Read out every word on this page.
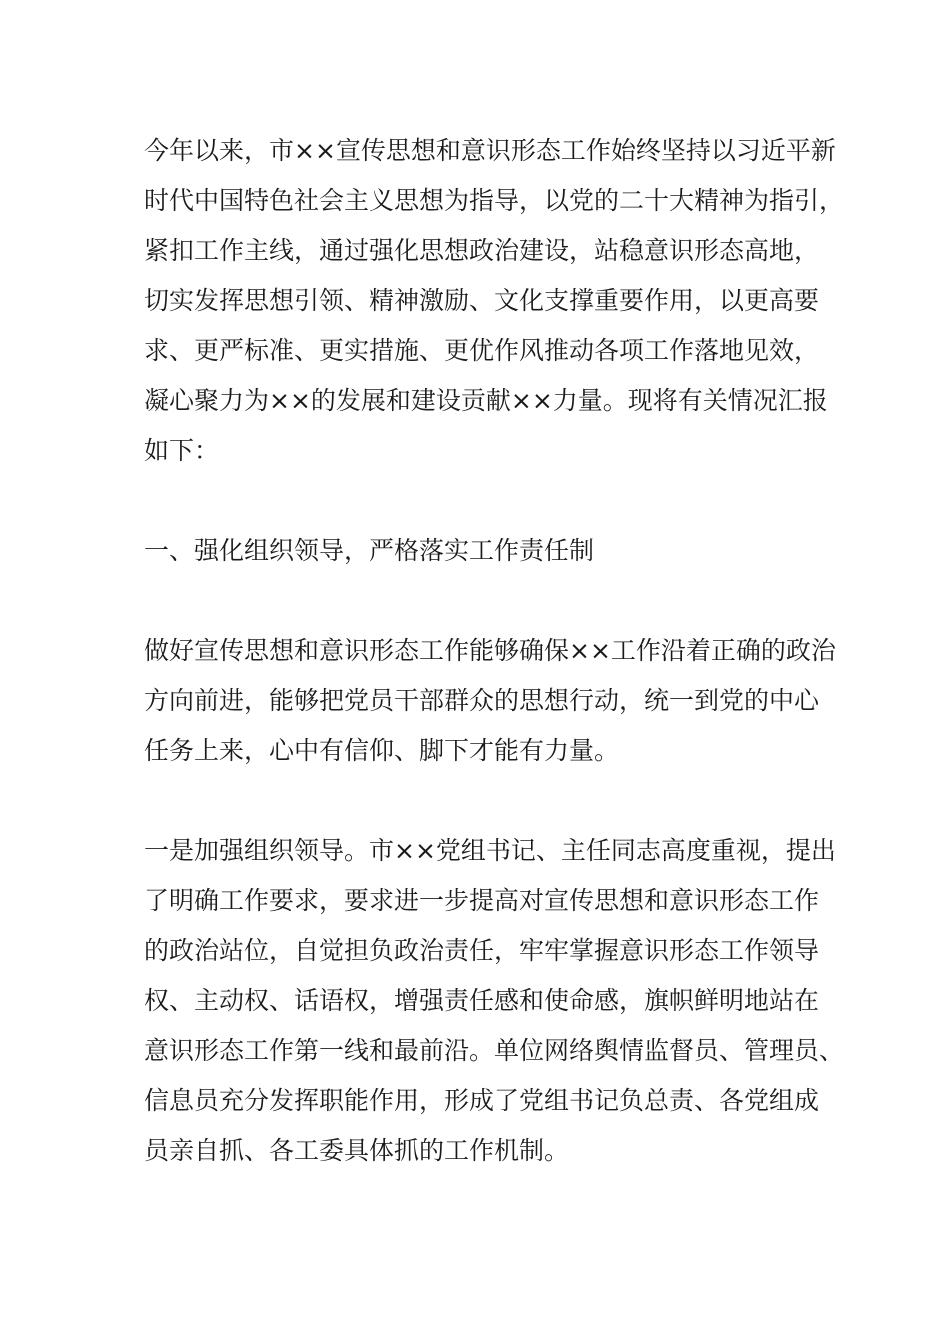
今年以来，市××宣传思想和意识形态工作始终坚持以习近平新
时代中国特色社会主义思想为指导，以党的二十大精神为指引，
紧扣工作主线，通过强化思想政治建设，站稳意识形态高地，
切实发挥思想引领、精神激励、文化支撑重要作用，以更高要
求、更严标准、更实措施、更优作风推动各项工作落地见效，
凝心聚力为××的发展和建设贡献××力量。现将有关情况汇报
如下：
一、强化组织领导，严格落实工作责任制
做好宣传思想和意识形态工作能够确保××工作沿着正确的政治
方向前进，能够把党员干部群众的思想行动，统一到党的中心
任务上来，心中有信仰、脚下才能有力量。
一是加强组织领导。市××党组书记、主任同志高度重视，提出
了明确工作要求，要求进一步提高对宣传思想和意识形态工作
的政治站位，自觉担负政治责任，牢牢掌握意识形态工作领导
权、主动权、话语权，增强责任感和使命感，旗帜鲜明地站在
意识形态工作第一线和最前沿。单位网络舆情监督员、管理员、
信息员充分发挥职能作用，形成了党组书记负总责、各党组成
员亲自抓、各工委具体抓的工作机制。
